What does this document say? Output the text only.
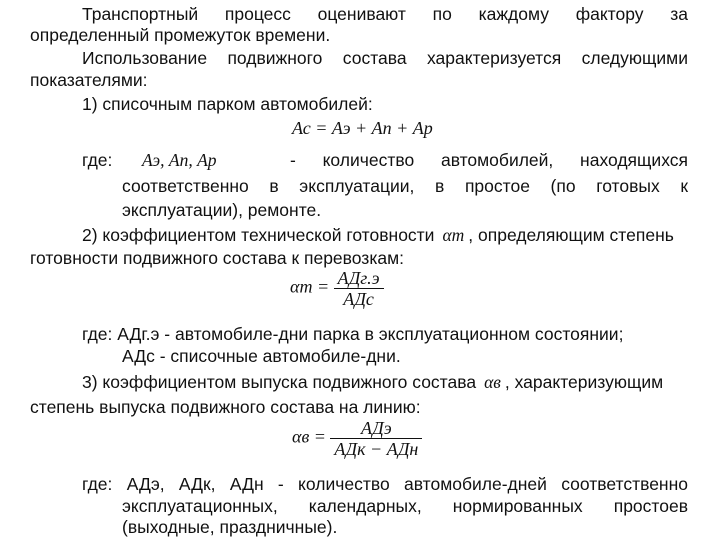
Транспортный процесс оценивают по каждому фактору за
определенный промежуток времени.
Использование подвижного состава характеризуется следующими
показателями:
1) списочным парком автомобилей:
Ас = Аэ + Ап + Ар
где: Аэ, Ап, Ар	- количество автомобилей, находящихся
соответственно в эксплуатации, в простое (по готовых к
эксплуатации), ремонте.
2) коэффициентом технической готовности αт , определяющим степень
готовности подвижного состава к перевозкам:
$\alpha т = \frac{\text{АДг.э}}{\text{АДс}}$
где: АДг.э - автомобиле-дни парка в эксплуатационном состоянии;
АДс - списочные автомобиле-дни.
3) коэффициентом выпуска подвижного состава αв , характеризующим
степень выпуска подвижного состава на линию:
$\alpha в = \frac{\text{АДэ}}{\text{АДк − АДн}}$
где: АДэ, АДк, АДн - количество автомобиле-дней соответственно
эксплуатационных, календарных, нормированных простоев
(выходные, праздничные).
